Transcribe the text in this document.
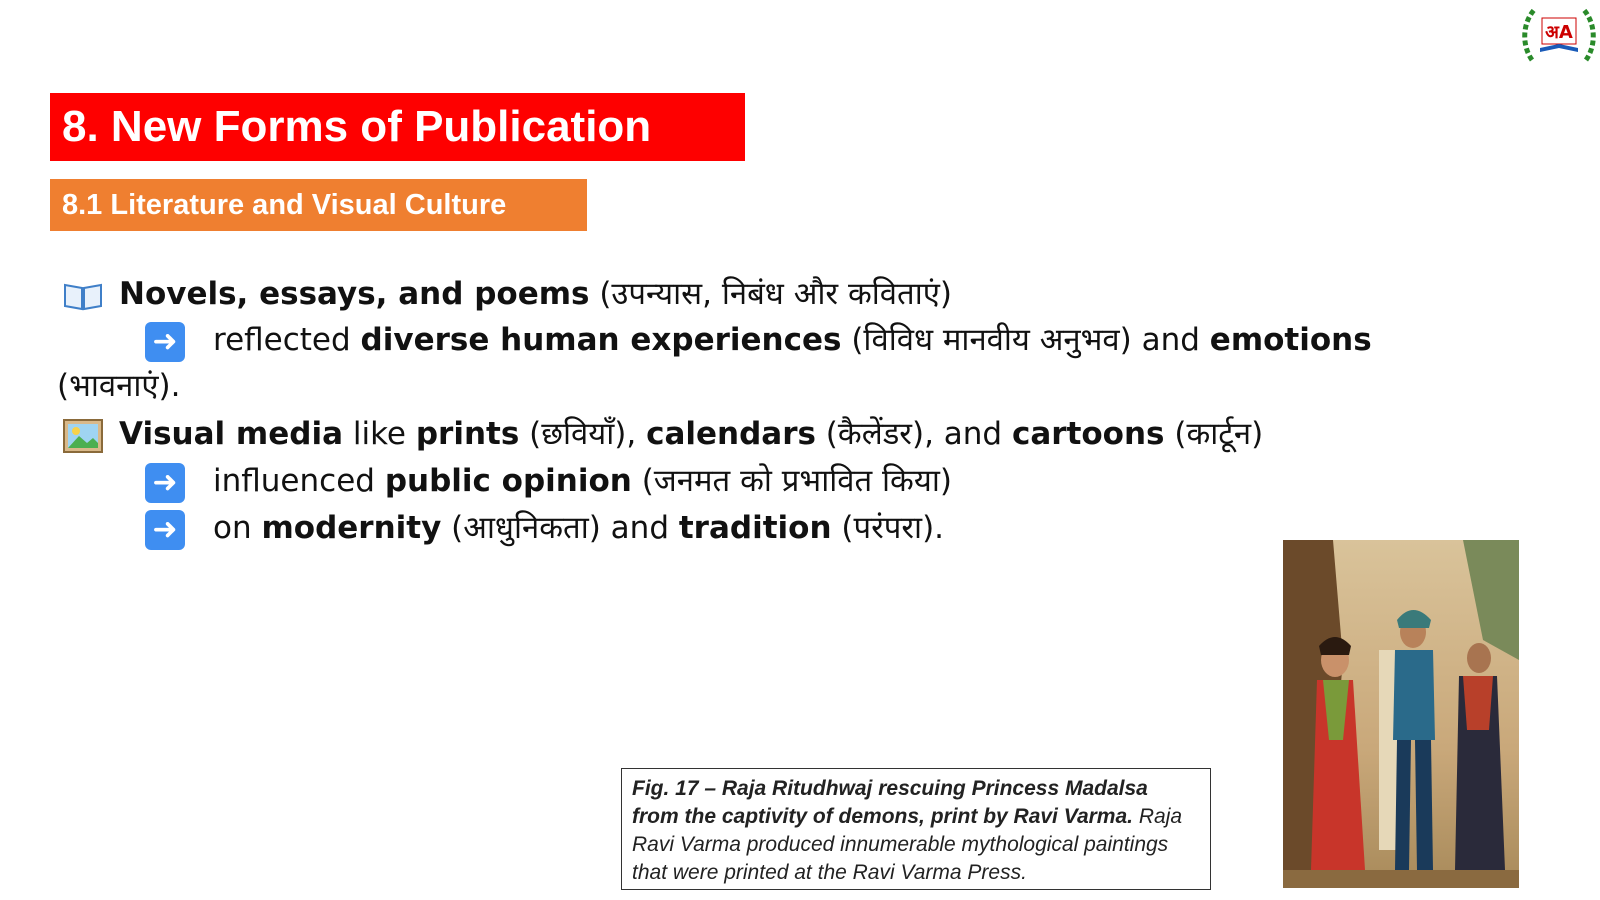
अA
8. New Forms of Publication
8.1 Literature and Visual Culture
Novels, essays, and poems (उपन्यास, निबंध और कविताएं)
➜ reflected diverse human experiences (विविध मानवीय अनुभव) and emotions
(भावनाएं).
Visual media like prints (छवियाँ), calendars (कैलेंडर), and cartoons (कार्टून)
➜ influenced public opinion (जनमत को प्रभावित किया)
➜ on modernity (आधुनिकता) and tradition (परंपरा).
Fig. 17 – Raja Ritudhwaj rescuing Princess Madalsa from the captivity of demons, print by Ravi Varma. Raja Ravi Varma produced innumerable mythological paintings that were printed at the Ravi Varma Press.
